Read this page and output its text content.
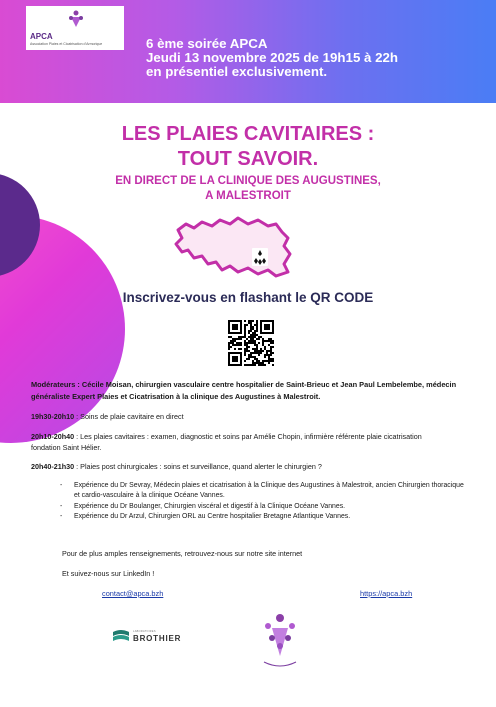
APCA
Association Plaies et Cicatrisation d'Armorique	6 ème soirée APCA
Jeudi 13 novembre 2025 de 19h15 à 22h
en présentiel exclusivement.
LES PLAIES CAVITAIRES :
TOUT SAVOIR.
EN DIRECT DE LA CLINIQUE DES AUGUSTINES,
A MALESTROIT
Inscrivez-vous en flashant le QR CODE
Modérateurs : Cécile Moisan, chirurgien vasculaire centre hospitalier de Saint-Brieuc et Jean Paul Lembelembe, médecin généraliste Expert Plaies et Cicatrisation à la clinique des Augustines à Malestroit.
19h30-20h10 : Soins de plaie cavitaire en direct
20h10-20h40 : Les plaies cavitaires : examen, diagnostic et soins par Amélie Chopin, infirmière référente plaie cicatrisation fondation Saint Hélier.
20h40-21h30 : Plaies post chirurgicales : soins et surveillance, quand alerter le chirurgien ?
-	Expérience du Dr Sevray, Médecin plaies et cicatrisation à la Clinique des Augustines à Malestroit, ancien Chirurgien thoracique et cardio-vasculaire à la clinique Océane Vannes.
-	Expérience du Dr Boulanger, Chirurgien viscéral et digestif à la Clinique Océane Vannes.
-	Expérience du Dr Arzul, Chirurgien ORL au Centre hospitalier Bretagne Atlantique Vannes.
Pour de plus amples renseignements, retrouvez-nous sur notre site internet
Et suivez-nous sur LinkedIn !
contact@apca.bzh	https://apca.bzh
LABORATOIRES
BROTHIER
